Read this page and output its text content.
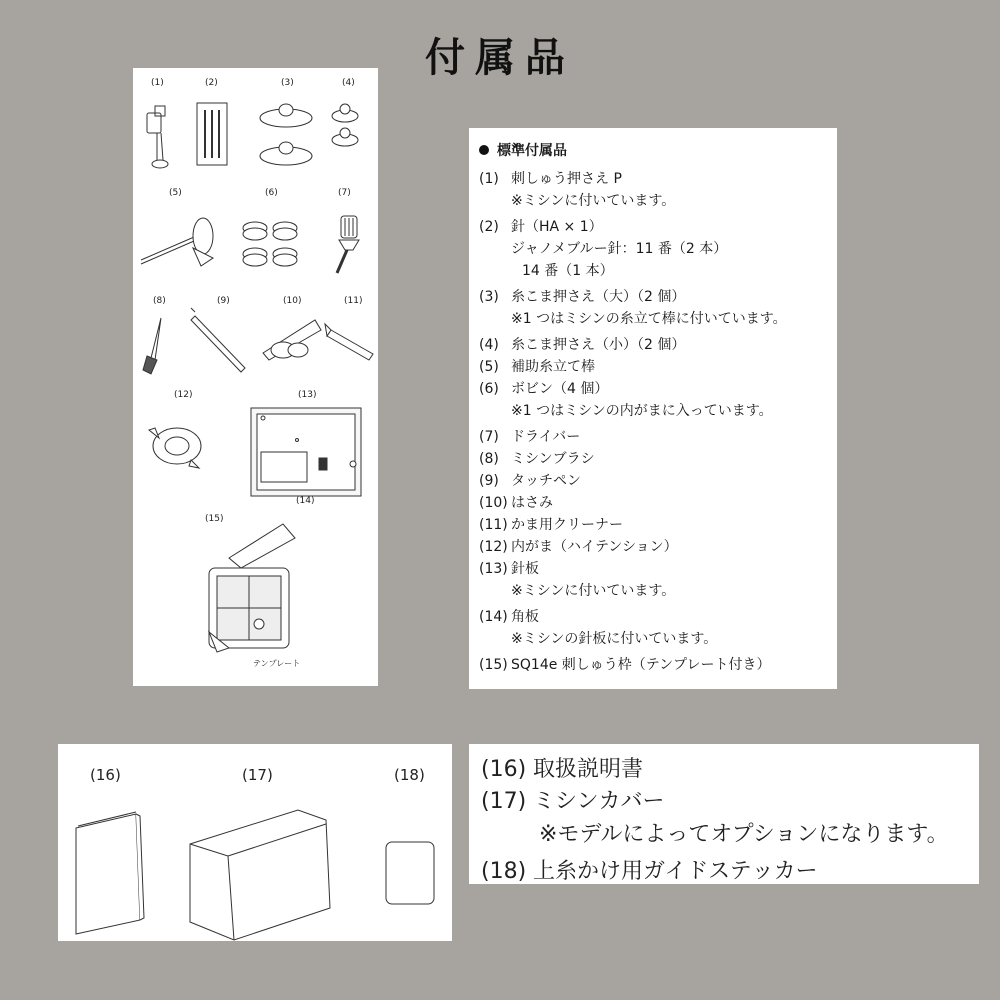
付属品
(1)	(2)	(3)	(4)
(5)	(6)	(7)
(8)	(9)	(10)	(11)
(12)	(13)
(14)
(15)
テンプレート
標準付属品
(1) 刺しゅう押さえ P
※ミシンに付いています。
(2) 針（HA × 1）
ジャノメブルー針：11 番（2 本）
14 番（1 本）
(3) 糸こま押さえ（大）（2 個）
※1 つはミシンの糸立て棒に付いています。
(4) 糸こま押さえ（小）（2 個）
(5) 補助糸立て棒
(6) ボビン（4 個）
※1 つはミシンの内がまに入っています。
(7) ドライバー
(8) ミシンブラシ
(9) タッチペン
(10) はさみ
(11) かま用クリーナー
(12) 内がま（ハイテンション）
(13) 針板
※ミシンに付いています。
(14) 角板
※ミシンの針板に付いています。
(15) SQ14e 刺しゅう枠（テンプレート付き）
(16)	(17)	(18)	(16) 取扱説明書
(17) ミシンカバー
※モデルによってオプションになります。
(18) 上糸かけ用ガイドステッカー
